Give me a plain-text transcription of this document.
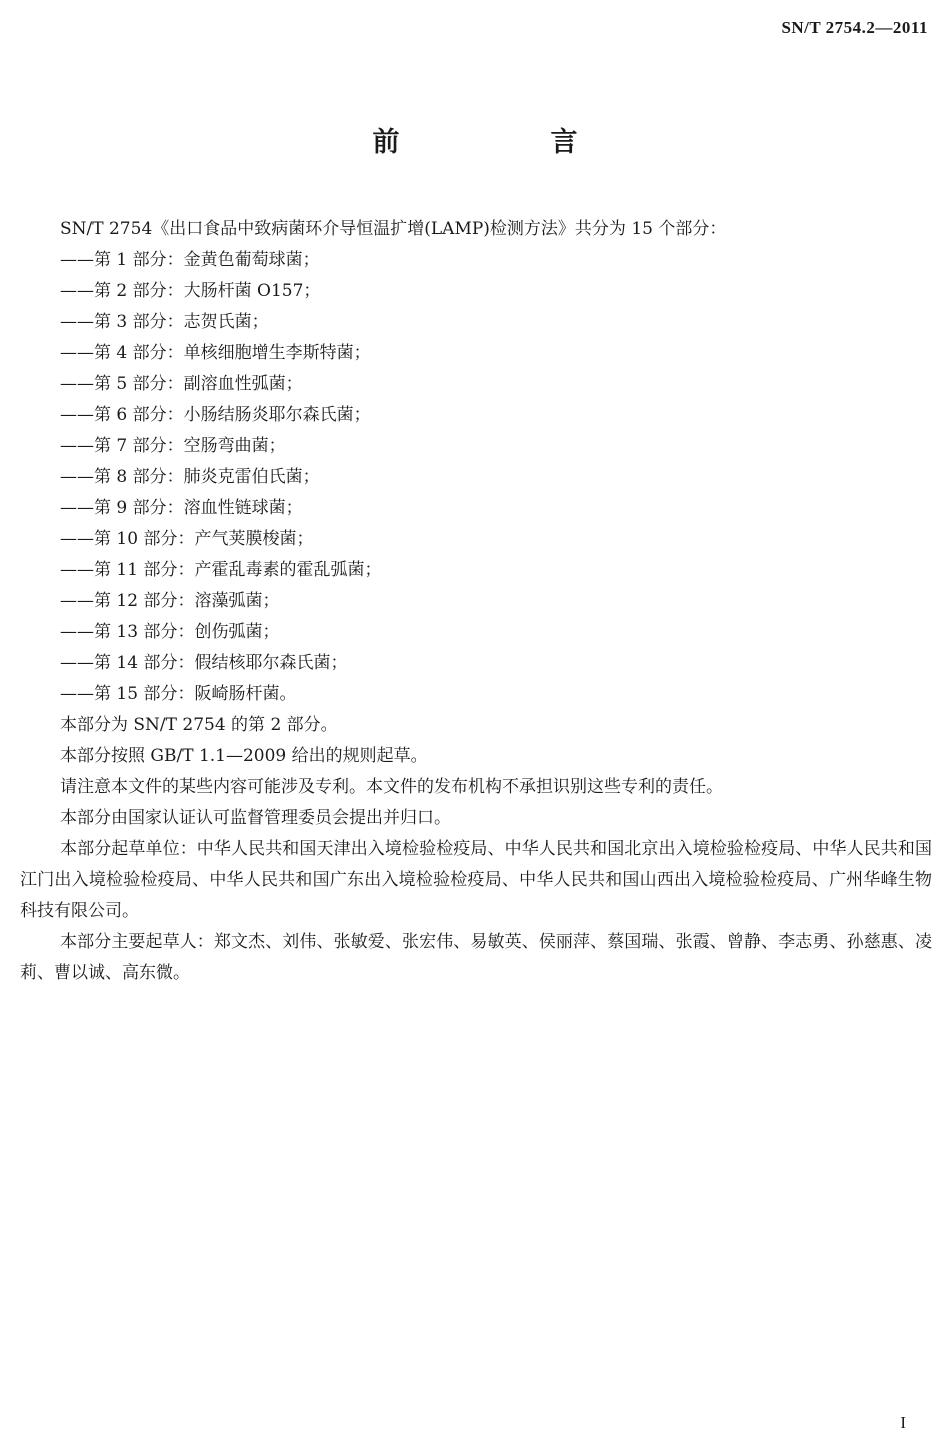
SN/T 2754.2—2011
前　言

SN/T 2754《出口食品中致病菌环介导恒温扩增(LAMP)检测方法》共分为 15 个部分：

——第 1 部分：金黄色葡萄球菌；
——第 2 部分：大肠杆菌 O157；
——第 3 部分：志贺氏菌；
——第 4 部分：单核细胞增生李斯特菌；
——第 5 部分：副溶血性弧菌；
——第 6 部分：小肠结肠炎耶尔森氏菌；
——第 7 部分：空肠弯曲菌；
——第 8 部分：肺炎克雷伯氏菌；
——第 9 部分：溶血性链球菌；
——第 10 部分：产气荚膜梭菌；
——第 11 部分：产霍乱毒素的霍乱弧菌；
——第 12 部分：溶藻弧菌；
——第 13 部分：创伤弧菌；
——第 14 部分：假结核耶尔森氏菌；
——第 15 部分：阪崎肠杆菌。

本部分为 SN/T 2754 的第 2 部分。

本部分按照 GB/T 1.1—2009 给出的规则起草。

请注意本文件的某些内容可能涉及专利。本文件的发布机构不承担识别这些专利的责任。

本部分由国家认证认可监督管理委员会提出并归口。

本部分起草单位：中华人民共和国天津出入境检验检疫局、中华人民共和国北京出入境检验检疫局、中华人民共和国江门出入境检验检疫局、中华人民共和国广东出入境检验检疫局、中华人民共和国山西出入境检验检疫局、广州华峰生物科技有限公司。

本部分主要起草人：郑文杰、刘伟、张敏爱、张宏伟、易敏英、侯丽萍、蔡国瑞、张霞、曾静、李志勇、孙慈惠、凌莉、曹以诚、高东微。

I
